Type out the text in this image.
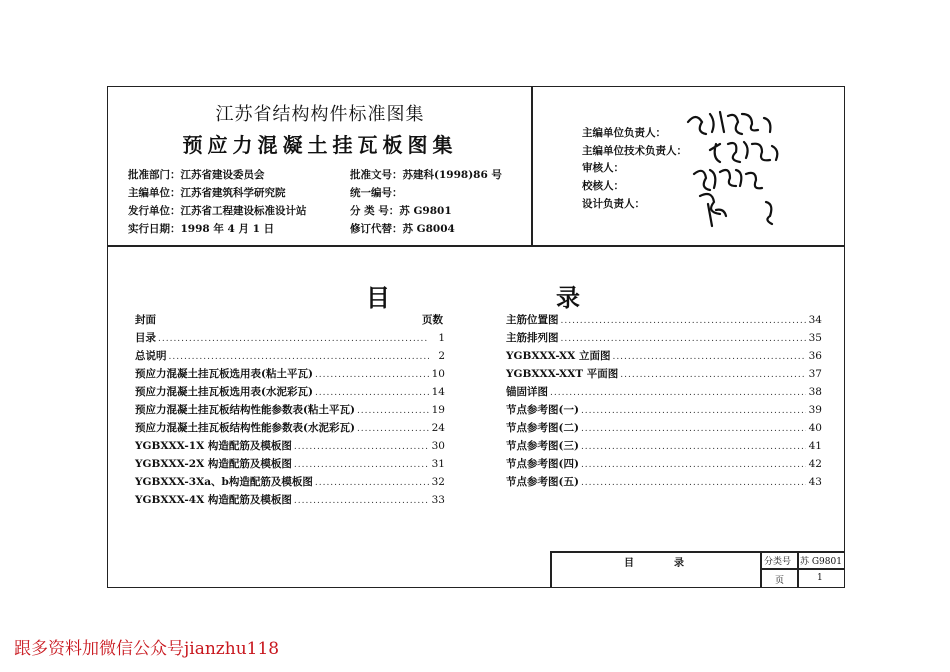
江苏省结构构件标准图集
预应力混凝土挂瓦板图集
批准部门：江苏省建设委员会
主编单位：江苏省建筑科学研究院
发行单位：江苏省工程建设标准设计站
实行日期：1998 年 4 月 1 日
批准文号：苏建科(1998)86 号
统一编号：
分 类 号：苏 G9801
修订代替：苏 G8004
主编单位负责人：
主编单位技术负责人：
审核人：
校核人：
设计负责人：
目	录
封面	页数
目录 .....	1
总说明 .....	2
预应力混凝土挂瓦板选用表(粘土平瓦) .....	10
预应力混凝土挂瓦板选用表(水泥彩瓦) .....	14
预应力混凝土挂瓦板结构性能参数表(粘土平瓦) .....	19
预应力混凝土挂瓦板结构性能参数表(水泥彩瓦) .....	24
YGBXXX-1X 构造配筋及模板图 .....	30
YGBXXX-2X 构造配筋及模板图 .....	31
YGBXXX-3Xa、b构造配筋及模板图 .....	32
YGBXXX-4X 构造配筋及模板图 .....	33
主筋位置图 .....	34
主筋排列图 .....	35
YGBXXX-XX 立面图 .....	36
YGBXXX-XXT 平面图 .....	37
锚固详图 .....	38
节点参考图(一) .....	39
节点参考图(二) .....	40
节点参考图(三) .....	41
节点参考图(四) .....	42
节点参考图(五) .....	43
目	录	分类号 苏 G9801
页	1
跟多资料加微信公众号jianzhu118
